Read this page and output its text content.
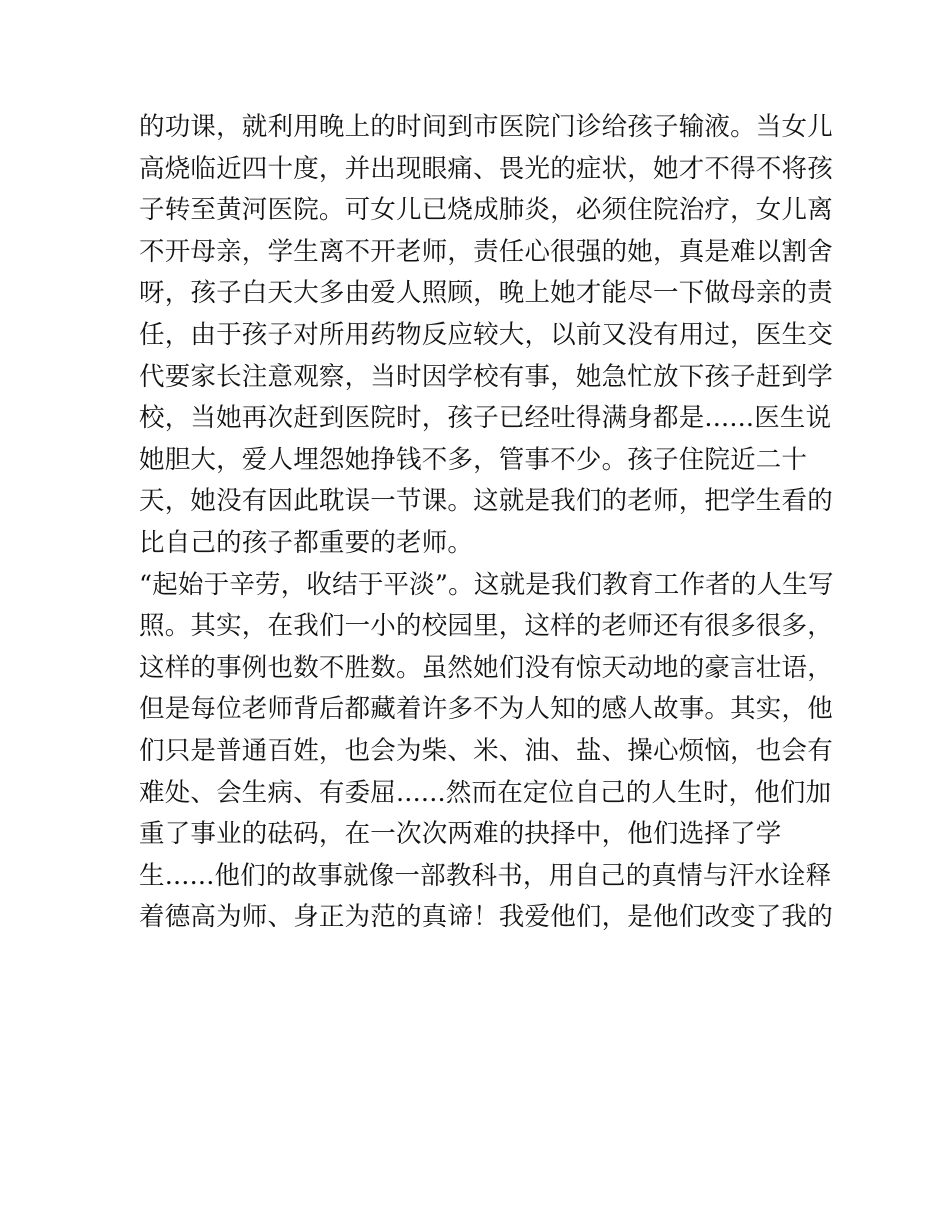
的功课，就利用晚上的时间到市医院门诊给孩子输液。当女儿
高烧临近四十度，并出现眼痛、畏光的症状，她才不得不将孩
子转至黄河医院。可女儿已烧成肺炎，必须住院治疗，女儿离
不开母亲，学生离不开老师，责任心很强的她，真是难以割舍
呀，孩子白天大多由爱人照顾，晚上她才能尽一下做母亲的责
任，由于孩子对所用药物反应较大，以前又没有用过，医生交
代要家长注意观察，当时因学校有事，她急忙放下孩子赶到学
校，当她再次赶到医院时，孩子已经吐得满身都是......医生说
她胆大，爱人埋怨她挣钱不多，管事不少。孩子住院近二十
天，她没有因此耽误一节课。这就是我们的老师，把学生看的
比自己的孩子都重要的老师。
“起始于辛劳，收结于平淡”。这就是我们教育工作者的人生写
照。其实，在我们一小的校园里，这样的老师还有很多很多，
这样的事例也数不胜数。虽然她们没有惊天动地的豪言壮语，
但是每位老师背后都藏着许多不为人知的感人故事。其实，他
们只是普通百姓，也会为柴、米、油、盐、操心烦恼，也会有
难处、会生病、有委屈......然而在定位自己的人生时，他们加
重了事业的砝码，在一次次两难的抉择中，他们选择了学
生......他们的故事就像一部教科书，用自己的真情与汗水诠释
着德高为师、身正为范的真谛！我爱他们，是他们改变了我的
